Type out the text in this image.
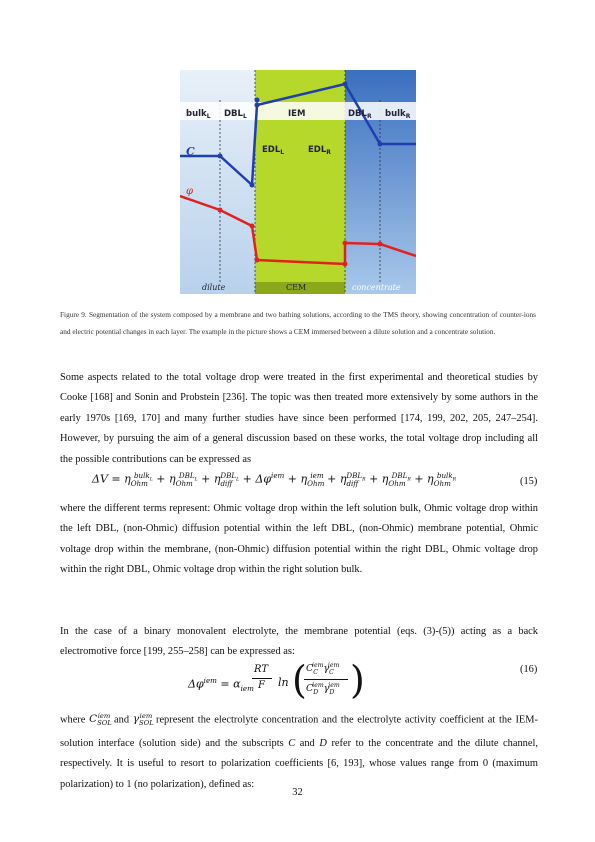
bulk$_L$ $DBL_L$	IEM	$DBL_R$ bulk$_R$
$EDL_L$	$EDL_R$
C
φ
dilute	CEM	concentrate
Figure 9. Segmentation of the system composed by a membrane and two bathing solutions, according to the TMS theory, showing concentration of counter-ions and electric potential changes in each layer. The example in the picture shows a CEM immersed between a dilute solution and a concentrate solution.
Some aspects related to the total voltage drop were treated in the first experimental and theoretical studies by Cooke [168] and Sonin and Probstein [236]. The topic was then treated more extensively by some authors in the early 1970s [169, 170] and many further studies have since been performed [174, 199, 202, 205, 247–254]. However, by pursuing the aim of a general discussion based on these works, the total voltage drop including all the possible contributions can be expressed as
$\Delta V = \eta_{Ohm}^{bulk_L} + \eta_{Ohm}^{DBL_L} + \eta_{diff}^{DBL_L} + \Delta\varphi^{iem} + \eta_{Ohm}^{iem} + \eta_{diff}^{DBL_R} + \eta_{Ohm}^{DBL_R} + \eta_{Ohm}^{bulk_R}$	(15)
where the different terms represent: Ohmic voltage drop within the left solution bulk, Ohmic voltage drop within the left DBL, (non-Ohmic) diffusion potential within the left DBL, (non-Ohmic) membrane potential, Ohmic voltage drop within the membrane, (non-Ohmic) diffusion potential within the right DBL, Ohmic voltage drop within the right DBL, Ohmic voltage drop within the right solution bulk.
In the case of a binary monovalent electrolyte, the membrane potential (eqs. (3)-(5)) acting as a back electromotive force [199, 255–258] can be expressed as:
$\Delta\varphi^{iem} = \alpha_{iem}$
RT
F ln ( $C_C^{iem}\gamma_C^{iem}$
$C_D^{iem}\gamma_D^{iem}$ )	(16)
where $C_{SOL}^{iem}$ and $\gamma_{SOL}^{iem}$ represent the electrolyte concentration and the electrolyte activity coefficient at the IEM-solution interface (solution side) and the subscripts C and D refer to the concentrate and the dilute channel, respectively. It is useful to resort to polarization coefficients [6, 193], whose values range from 0 (maximum polarization) to 1 (no polarization), defined as:
32
